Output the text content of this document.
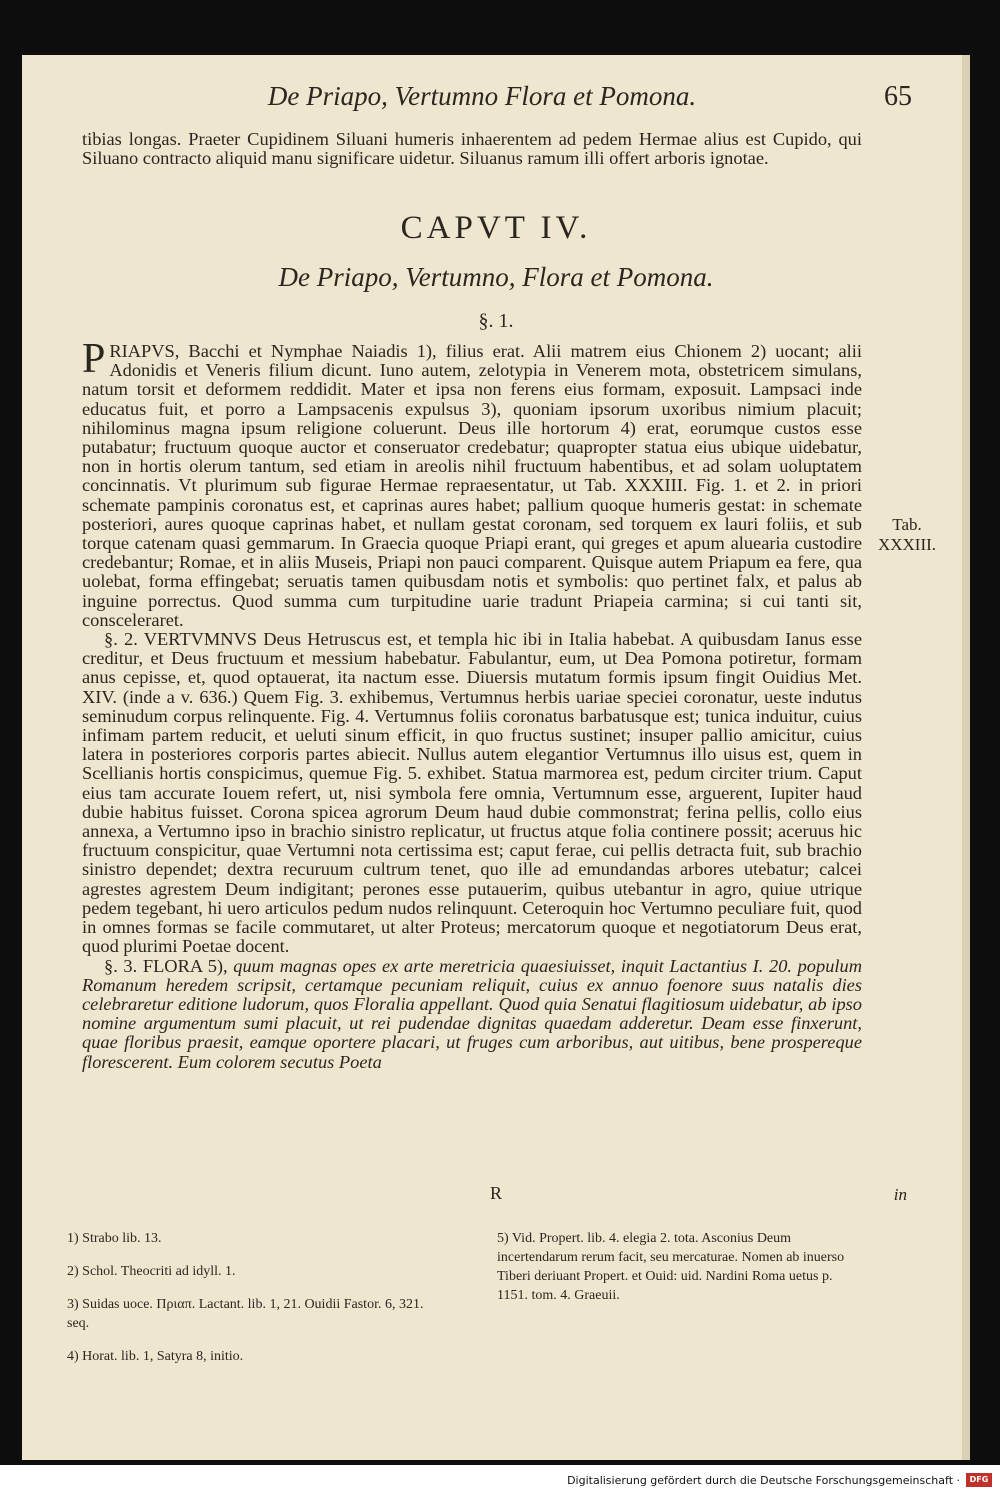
De Priapo, Vertumno Flora et Pomona.	65

tibias longas. Praeter Cupidinem Siluani humeris inhaerentem ad pedem Hermae alius est Cupido, qui Siluano contracto aliquid manu significare uidetur. Siluanus ramum illi offert arboris ignotae.

CAPVT IV.
De Priapo, Vertumno, Flora et Pomona.
§. 1.

PRIAPVS, Bacchi et Nymphae Naiadis 1), filius erat. Alii matrem eius Chionem 2) uocant; alii Adonidis et Veneris filium dicunt. Iuno autem, zelotypia in Venerem mota, obstetricem simulans, natum torsit et deformem reddidit. Mater et ipsa non ferens eius formam, exposuit. Lampsaci inde educatus fuit, et porro a Lampsacenis expulsus 3), quoniam ipsorum uxoribus nimium placuit; nihilominus magna ipsum religione coluerunt. Deus ille hortorum 4) erat, eorumque custos esse putabatur; fructuum quoque auctor et conseruator credebatur; quapropter statua eius ubique uidebatur, non in hortis olerum tantum, sed etiam in areolis nihil fructuum habentibus, et ad solam uoluptatem concinnatis. Vt plurimum sub figurae Hermae repraesentatur, ut Tab. XXXIII. Fig. 1. et 2. in priori schemate pampinis coronatus est, et caprinas aures habet; pallium quoque humeris gestat: in schemate posteriori, aures quoque caprinas habet, et nullam gestat coronam, sed torquem ex lauri foliis, et sub torque catenam quasi gemmarum. In Graecia quoque Priapi erant, qui greges et apum aluearia custodire credebantur; Romae, et in aliis Museis, Priapi non pauci comparent. Quisque autem Priapum ea fere, qua uolebat, forma effingebat; seruatis tamen quibusdam notis et symbolis: quo pertinet falx, et palus ab inguine porrectus. Quod summa cum turpitudine uarie tradunt Priapeia carmina; si cui tanti sit, consceleraret.

§. 2. VERTVMNVS Deus Hetruscus est, et templa hic ibi in Italia habebat. A quibusdam Ianus esse creditur, et Deus fructuum et messium habebatur. Fabulantur, eum, ut Dea Pomona potiretur, formam anus cepisse, et, quod optauerat, ita nactum esse. Diuersis mutatum formis ipsum fingit Ouidius Met. XIV. (inde a v. 636.) Quem Fig. 3. exhibemus, Vertumnus herbis uariae speciei coronatur, ueste indutus seminudum corpus relinquente. Fig. 4. Vertumnus foliis coronatus barbatusque est; tunica induitur, cuius infimam partem reducit, et ueluti sinum efficit, in quo fructus sustinet; insuper pallio amicitur, cuius latera in posteriores corporis partes abiecit. Nullus autem elegantior Vertumnus illo uisus est, quem in Scellianis hortis conspicimus, quemue Fig. 5. exhibet. Statua marmorea est, pedum circiter trium. Caput eius tam accurate Iouem refert, ut, nisi symbola fere omnia, Vertumnum esse, arguerent, Iupiter haud dubie habitus fuisset. Corona spicea agrorum Deum haud dubie commonstrat; ferina pellis, collo eius annexa, a Vertumno ipso in brachio sinistro replicatur, ut fructus atque folia continere possit; aceruus hic fructuum conspicitur, quae Vertumni nota certissima est; caput ferae, cui pellis detracta fuit, sub brachio sinistro dependet; dextra recuruum cultrum tenet, quo ille ad emundandas arbores utebatur; calcei agrestes agrestem Deum indigitant; perones esse putauerim, quibus utebantur in agro, quiue utrique pedem tegebant, hi uero articulos pedum nudos relinquunt. Ceteroquin hoc Vertumno peculiare fuit, quod in omnes formas se facile commutaret, ut alter Proteus; mercatorum quoque et negotiatorum Deus erat, quod plurimi Poetae docent.

§. 3. FLORA 5), quum magnas opes ex arte meretricia quaesiuisset, inquit Lactantius I. 20. populum Romanum heredem scripsit, certamque pecuniam reliquit, cuius ex annuo foenore suus natalis dies celebraretur editione ludorum, quos Floralia appellant. Quod quia Senatui flagitiosum uidebatur, ab ipso nomine argumentum sumi placuit, ut rei pudendae dignitas quaedam adderetur. Deam esse finxerunt, quae floribus praesit, eamque oportere placari, ut fruges cum arboribus, aut uitibus, bene prospereque florescerent. Eum colorem secutus Poeta

Tab.
XXXIII.
R	in

1) Strabo lib. 13.

2) Schol. Theocriti ad idyll. 1.

3) Suidas uoce. Πριαπ. Lactant. lib. 1, 21. Ouidii Fastor. 6, 321. seq.

4) Horat. lib. 1, Satyra 8, initio.

5) Vid. Propert. lib. 4. elegia 2. tota. Asconius Deum incertendarum rerum facit, seu mercaturae. Nomen ab inuerso Tiberi deriuant Propert. et Ouid: uid. Nardini Roma uetus p. 1151. tom. 4. Graeuii.

Digitalisierung gefördert durch die Deutsche Forschungsgemeinschaft ·	DFG
